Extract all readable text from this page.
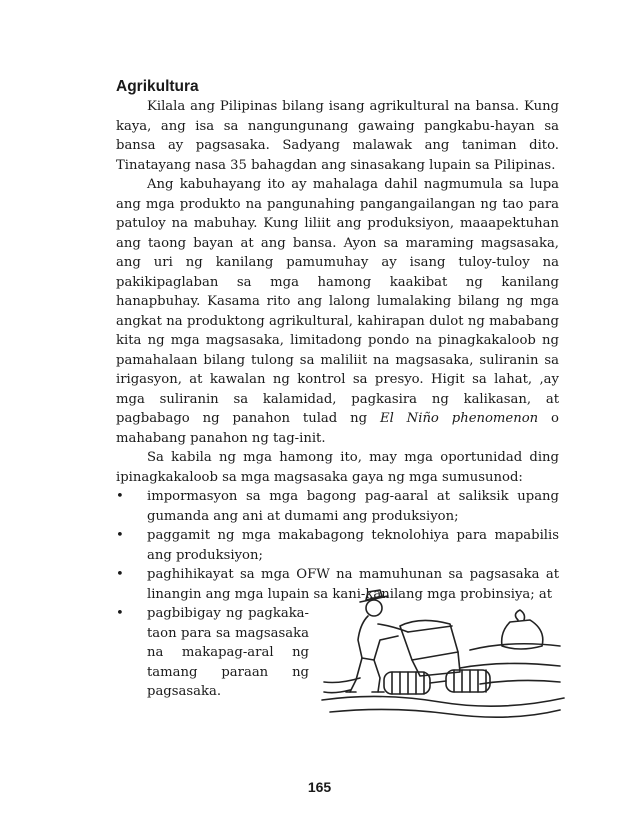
Agrikultura

Kilala ang Pilipinas bilang isang agrikultural na bansa. Kung kaya, ang isa sa nangungunang gawaing pangkabu-hayan sa bansa ay pagsasaka. Sadyang malawak ang taniman dito. Tinatayang nasa 35 bahagdan ang sinasakang lupain sa Pilipinas.

Ang kabuhayang ito ay mahalaga dahil nagmumula sa lupa ang mga produkto na pangunahing pangangailangan ng tao para patuloy na mabuhay. Kung liliit ang produksiyon, maaapektuhan ang taong bayan at ang bansa. Ayon sa maraming magsasaka, ang uri ng kanilang pamumuhay ay isang tuloy-tuloy na pakikipaglaban sa mga hamong kaakibat ng kanilang hanapbuhay. Kasama rito ang lalong lumalaking bilang ng mga angkat na produktong agrikultural, kahirapan dulot ng mababang kita ng mga magsasaka, limitadong pondo na pinagkakaloob ng pamahalaan bilang tulong sa maliliit na magsasaka, suliranin sa irigasyon, at kawalan ng kontrol sa presyo. Higit sa lahat, ,ay mga suliranin sa kalamidad, pagkasira ng kalikasan, at pagbabago ng panahon tulad ng El Niño phenomenon o mahabang panahon ng tag-init.

Sa kabila ng mga hamong ito, may mga oportunidad ding ipinagkakaloob sa mga magsasaka gaya ng mga sumusunod:

•	impormasyon sa mga bagong pag-aaral at saliksik upang gumanda ang ani at dumami ang produksiyon;
•	paggamit ng mga makabagong teknolohiya para mapabilis ang produksiyon;
•	paghihikayat sa mga OFW na mamuhunan sa pagsasaka at linangin ang mga lupain sa kani-kanilang mga probinsiya; at
•	pagbibigay ng pagkaka-taon para sa magsasaka na makapag-aral ng tamang paraan ng pagsasaka.
165
